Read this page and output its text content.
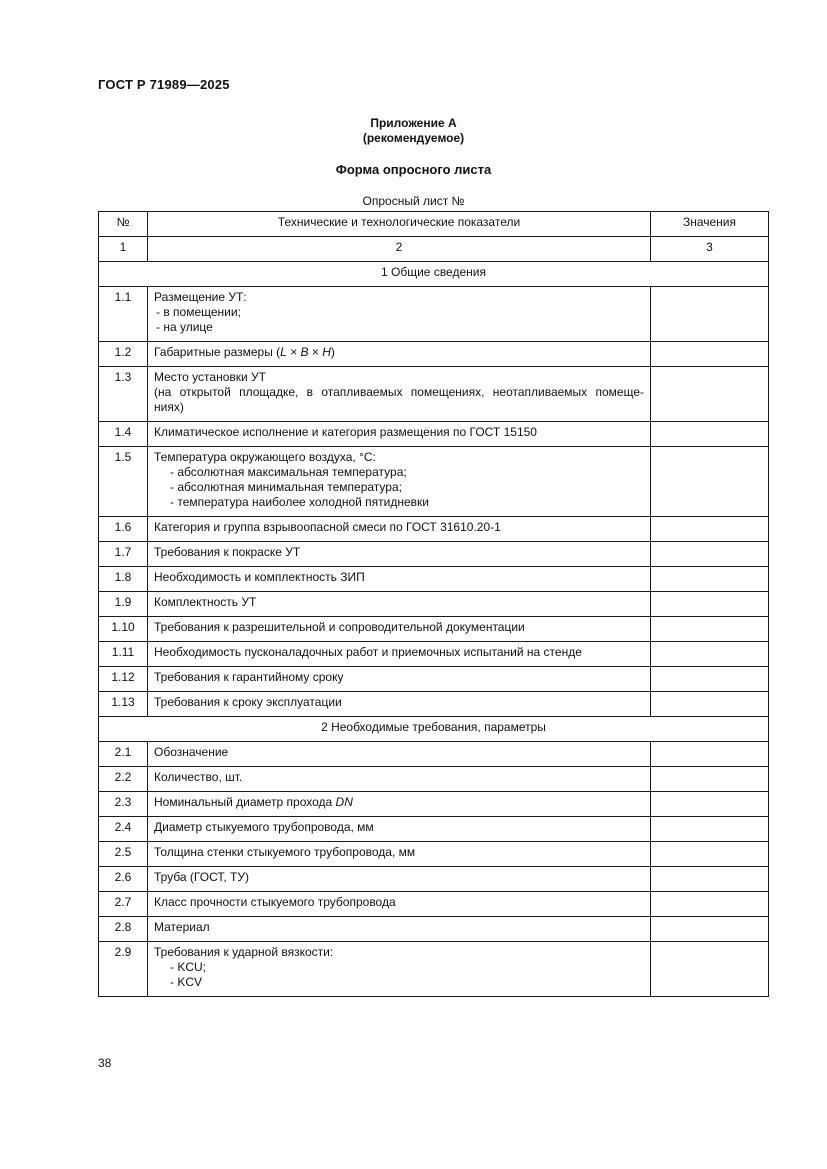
ГОСТ Р 71989—2025
Приложение А
(рекомендуемое)
Форма опросного листа
Опросный лист №
№	Технические и технологические показатели	Значения
1	2	3
1 Общие сведения		
1.1	Размещение УТ:
- в помещении;
- на улице	

1.2	Габаритные размеры (L × B × H)	
1.3	Место установки УТ
(на открытой площадке, в отапливаемых помещениях, неотапливаемых помеще-
ниях)	

1.4	Климатическое исполнение и категория размещения по ГОСТ 15150	
1.5	Температура окружающего воздуха, °С:
- абсолютная максимальная температура;
- абсолютная минимальная температура;
- температура наиболее холодной пятидневки	

1.6	Категория и группа взрывоопасной смеси по ГОСТ 31610.20-1	
1.7	Требования к покраске УТ	
1.8	Необходимость и комплектность ЗИП	
1.9	Комплектность УТ	
1.10	Требования к разрешительной и сопроводительной документации	
1.11	Необходимость пусконаладочных работ и приемочных испытаний на стенде	
1.12	Требования к гарантийному сроку	
1.13	Требования к сроку эксплуатации	
2 Необходимые требования, параметры		
2.1	Обозначение	
2.2	Количество, шт.	
2.3	Номинальный диаметр прохода DN	
2.4	Диаметр стыкуемого трубопровода, мм	
2.5	Толщина стенки стыкуемого трубопровода, мм	
2.6	Труба (ГОСТ, ТУ)	
2.7	Класс прочности стыкуемого трубопровода	
2.8	Материал	
2.9	Требования к ударной вязкости:
- KCU;
- KCV	

38
